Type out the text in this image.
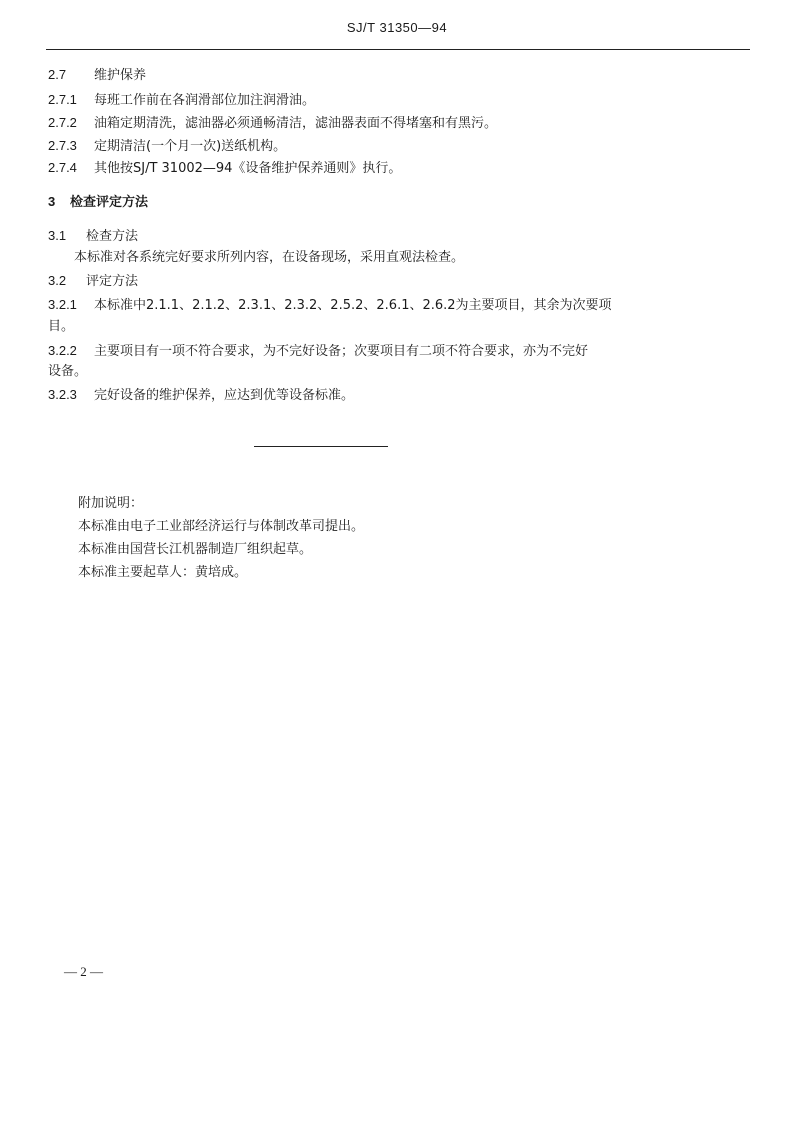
SJ/T 31350—94
2.7 维护保养
2.7.1 每班工作前在各润滑部位加注润滑油。
2.7.2 油箱定期清洗，滤油器必须通畅清洁，滤油器表面不得堵塞和有黑污。
2.7.3 定期清洁(一个月一次)送纸机构。
2.7.4 其他按SJ/T 31002—94《设备维护保养通则》执行。
3 检查评定方法
3.1 检查方法
本标准对各系统完好要求所列内容，在设备现场，采用直观法检查。
3.2 评定方法
3.2.1 本标准中2.1.1、2.1.2、2.3.1、2.3.2、2.5.2、2.6.1、2.6.2为主要项目，其余为次要项
目。
3.2.2 主要项目有一项不符合要求，为不完好设备；次要项目有二项不符合要求，亦为不完好
设备。
3.2.3 完好设备的维护保养，应达到优等设备标准。
附加说明：
本标准由电子工业部经济运行与体制改革司提出。
本标准由国营长江机器制造厂组织起草。
本标准主要起草人：黄培成。
— 2 —
